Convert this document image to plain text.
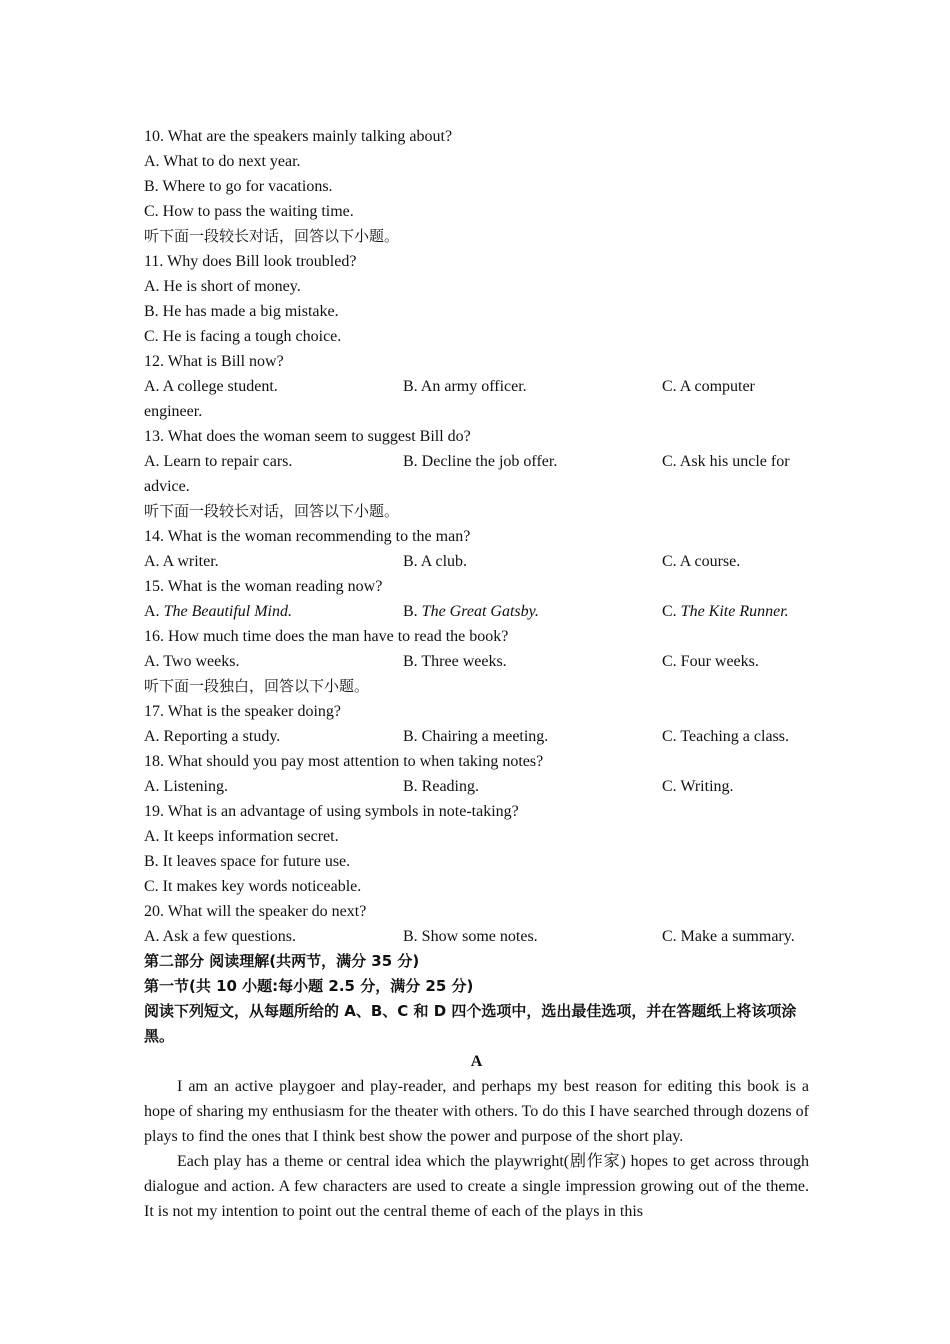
10. What are the speakers mainly talking about?
A. What to do next year.
B. Where to go for vacations.
C. How to pass the waiting time.
听下面一段较长对话，回答以下小题。
11. Why does Bill look troubled?
A. He is short of money.
B. He has made a big mistake.
C. He is facing a tough choice.
12. What is Bill now?
A. A college student.	B. An army officer.	C. A computer
engineer.
13. What does the woman seem to suggest Bill do?
A. Learn to repair cars.	B. Decline the job offer.	C. Ask his uncle for
advice.
听下面一段较长对话，回答以下小题。
14. What is the woman recommending to the man?
A. A writer.	B. A club.	C. A course.
15. What is the woman reading now?
A. The Beautiful Mind.	B. The Great Gatsby.	C. The Kite Runner.
16. How much time does the man have to read the book?
A. Two weeks.	B. Three weeks.	C. Four weeks.
听下面一段独白，回答以下小题。
17. What is the speaker doing?
A. Reporting a study.	B. Chairing a meeting.	C. Teaching a class.
18. What should you pay most attention to when taking notes?
A. Listening.	B. Reading.	C. Writing.
19. What is an advantage of using symbols in note-taking?
A. It keeps information secret.
B. It leaves space for future use.
C. It makes key words noticeable.
20. What will the speaker do next?
A. Ask a few questions.	B. Show some notes.	C. Make a summary.
第二部分 阅读理解(共两节，满分 35 分)
第一节(共 10 小题:每小题 2.5 分，满分 25 分)
阅读下列短文，从每题所给的 A、B、C 和 D 四个选项中，选出最佳选项，并在答题纸上将该项涂黑。
A
I am an active playgoer and play-reader, and perhaps my best reason for editing this book is a hope of sharing my enthusiasm for the theater with others. To do this I have searched through dozens of plays to find the ones that I think best show the power and purpose of the short play.
Each play has a theme or central idea which the playwright(剧作家) hopes to get across through dialogue and action. A few characters are used to create a single impression growing out of the theme. It is not my intention to point out the central theme of each of the plays in this
